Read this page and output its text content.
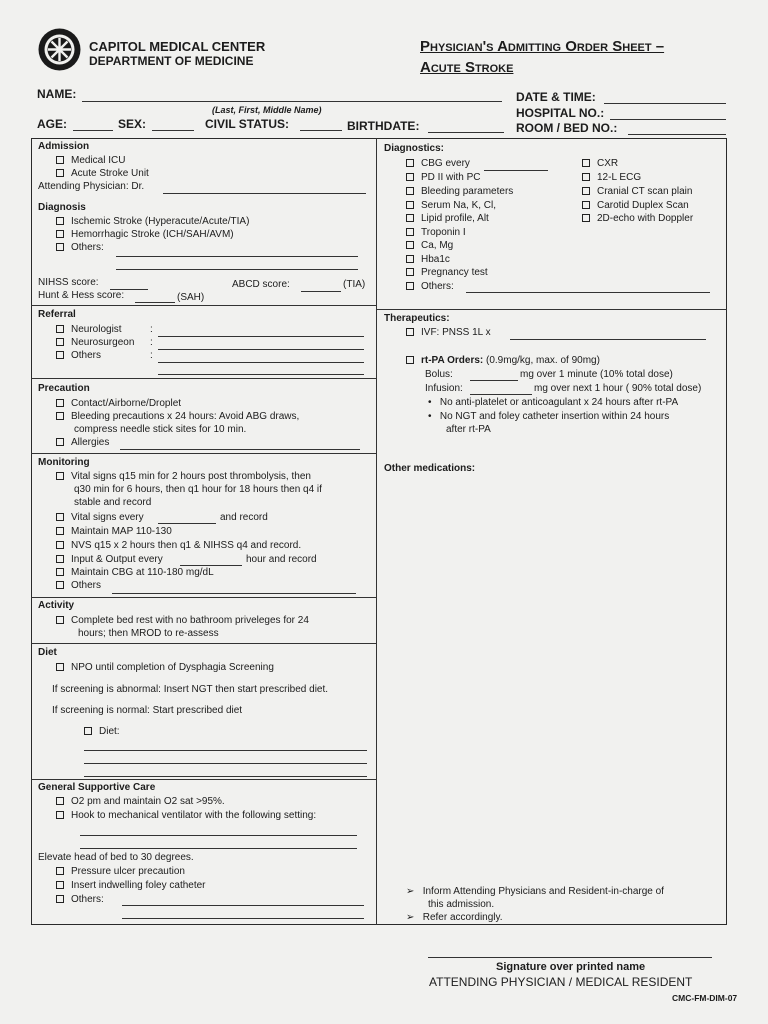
CAPITOL MEDICAL CENTER
DEPARTMENT OF MEDICINE
Physician's Admitting Order Sheet –
Acute Stroke
NAME:
(Last, First, Middle Name)
DATE & TIME:
HOSPITAL NO.:
AGE:	SEX:	CIVIL STATUS:	BIRTHDATE:	ROOM / BED NO.:
Admission
Medical ICU
Acute Stroke Unit
Attending Physician: Dr.
Diagnosis
Ischemic Stroke (Hyperacute/Acute/TIA)
Hemorrhagic Stroke (ICH/SAH/AVM)
Others:
NIHSS score:	ABCD score:	(TIA)
Hunt & Hess score:	(SAH)
Referral
Neurologist	:
Neurosurgeon :
Others	:
Precaution
Contact/Airborne/Droplet
Bleeding precautions x 24 hours: Avoid ABG draws,
compress needle stick sites for 10 min.
Allergies
Monitoring
Vital signs q15 min for 2 hours post thrombolysis, then
q30 min for 6 hours, then q1 hour for 18 hours then q4 if
stable and record
Vital signs every	and record
Maintain MAP 110-130
NVS q15 x 2 hours then q1 & NIHSS q4 and record.
Input & Output every	hour and record
Maintain CBG at 110-180 mg/dL
Others
Activity
Complete bed rest with no bathroom priveleges for 24
hours; then MROD to re-assess
Diet
NPO until completion of Dysphagia Screening
If screening is abnormal: Insert NGT then start prescribed diet.
If screening is normal: Start prescribed diet
Diet:
General Supportive Care
O2 pm and maintain O2 sat >95%.
Hook to mechanical ventilator with the following setting:
Elevate head of bed to 30 degrees.
Pressure ulcer precaution
Insert indwelling foley catheter
Others:
Diagnostics:
CBG every
PD II with PC
Bleeding parameters
Serum Na, K, Cl,
Lipid profile, Alt
Troponin I
Ca, Mg
Hba1c
Pregnancy test
Others:
CXR
12-L ECG
Cranial CT scan plain
Carotid Duplex Scan
2D-echo with Doppler
Therapeutics:
IVF: PNSS 1L x
rt-PA Orders: (0.9mg/kg, max. of 90mg)
Bolus:	mg over 1 minute (10% total dose)
Infusion:	mg over next 1 hour ( 90% total dose)
•   No anti-platelet or anticoagulant x 24 hours after rt-PA
•   No NGT and foley catheter insertion within 24 hours
after rt-PA
Other medications:
➢   Inform Attending Physicians and Resident-in-charge of
this admission.
➢   Refer accordingly.
Signature over printed name
ATTENDING PHYSICIAN / MEDICAL RESIDENT
CMC-FM-DIM-07
